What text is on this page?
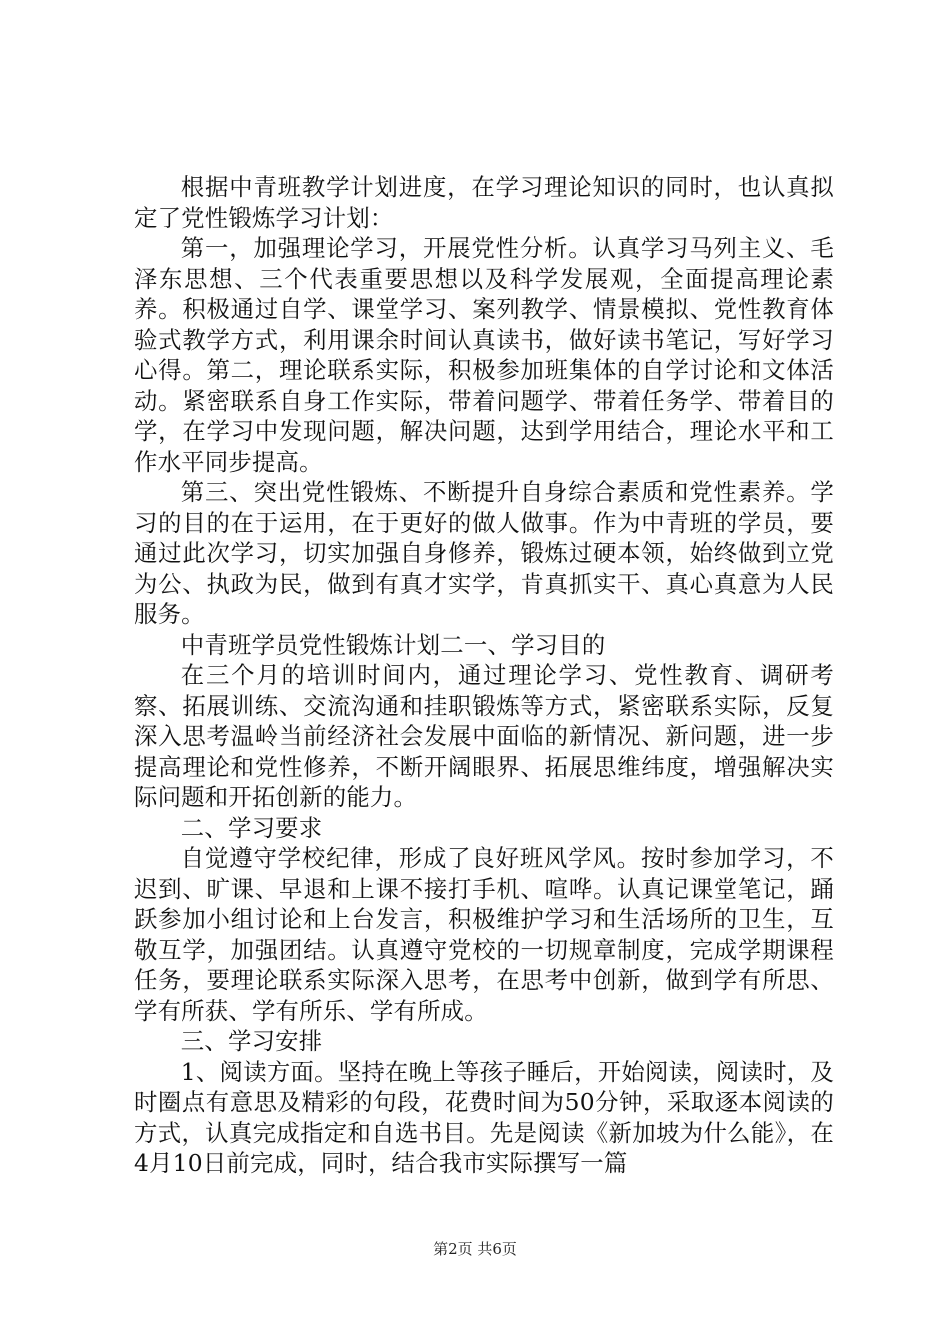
根据中青班教学计划进度，在学习理论知识的同时，也认真拟定了党性锻炼学习计划：

第一，加强理论学习，开展党性分析。认真学习马列主义、毛泽东思想、三个代表重要思想以及科学发展观，全面提高理论素养。积极通过自学、课堂学习、案列教学、情景模拟、党性教育体验式教学方式，利用课余时间认真读书，做好读书笔记，写好学习心得。第二，理论联系实际，积极参加班集体的自学讨论和文体活动。紧密联系自身工作实际，带着问题学、带着任务学、带着目的学，在学习中发现问题，解决问题，达到学用结合，理论水平和工作水平同步提高。

第三、突出党性锻炼、不断提升自身综合素质和党性素养。学习的目的在于运用，在于更好的做人做事。作为中青班的学员，要通过此次学习，切实加强自身修养，锻炼过硬本领，始终做到立党为公、执政为民，做到有真才实学，肯真抓实干、真心真意为人民服务。

中青班学员党性锻炼计划二一、学习目的

在三个月的培训时间内，通过理论学习、党性教育、调研考察、拓展训练、交流沟通和挂职锻炼等方式，紧密联系实际，反复深入思考温岭当前经济社会发展中面临的新情况、新问题，进一步提高理论和党性修养，不断开阔眼界、拓展思维纬度，增强解决实际问题和开拓创新的能力。

二、学习要求

自觉遵守学校纪律，形成了良好班风学风。按时参加学习，不迟到、旷课、早退和上课不接打手机、喧哗。认真记课堂笔记，踊跃参加小组讨论和上台发言，积极维护学习和生活场所的卫生，互敬互学，加强团结。认真遵守党校的一切规章制度，完成学期课程任务，要理论联系实际深入思考，在思考中创新，做到学有所思、学有所获、学有所乐、学有所成。

三、学习安排

1、阅读方面。坚持在晚上等孩子睡后，开始阅读，阅读时，及时圈点有意思及精彩的句段，花费时间为50分钟，采取逐本阅读的方式，认真完成指定和自选书目。先是阅读《新加坡为什么能》，在4月10日前完成，同时，结合我市实际撰写一篇

第2页 共6页
